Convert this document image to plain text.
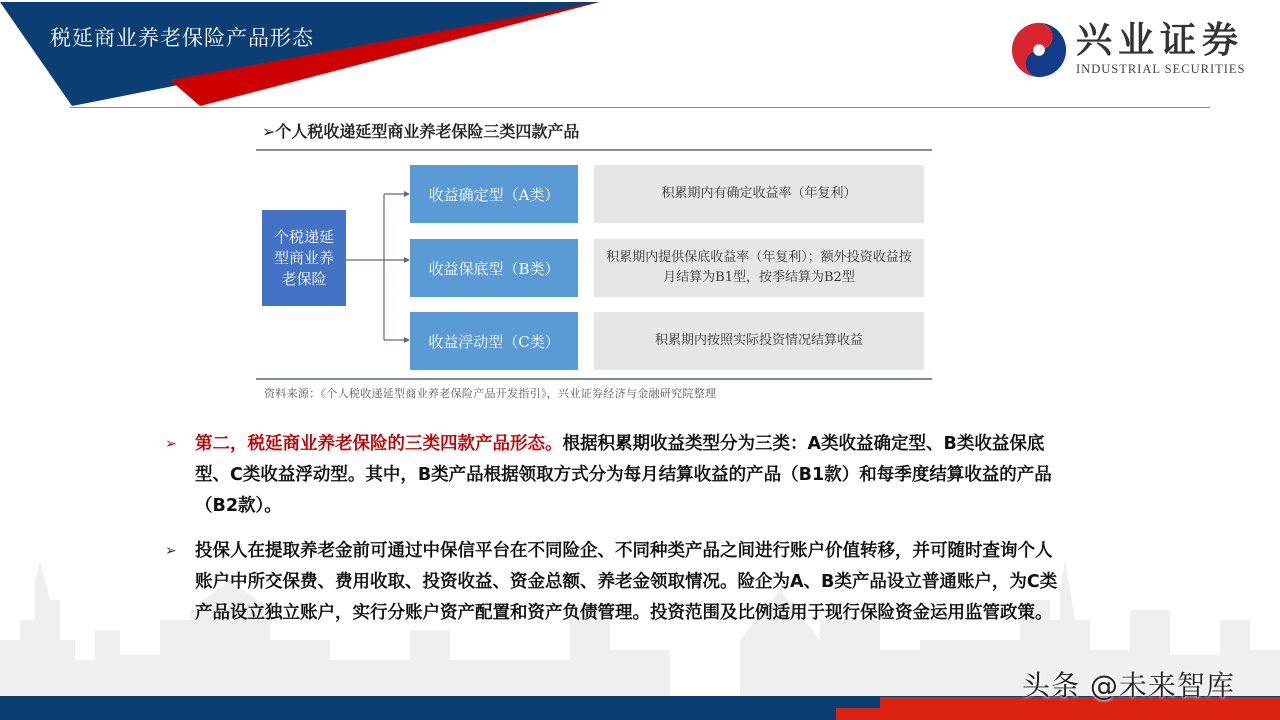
税延商业养老保险产品形态	兴业证券
INDUSTRIAL SECURITIES
➢个人税收递延型商业养老保险三类四款产品
个税递延型商业养老保险
收益确定型（A类）
收益保底型（B类）
收益浮动型（C类）
积累期内有确定收益率（年复利）
积累期内提供保底收益率（年复利）；额外投资收益按月结算为B1型，按季结算为B2型
积累期内按照实际投资情况结算收益
资料来源：《个人税收递延型商业养老保险产品开发指引》，兴业证券经济与金融研究院整理
➢	第二，税延商业养老保险的三类四款产品形态。根据积累期收益类型分为三类：A类收益确定型、B类收益保底型、C类收益浮动型。其中，B类产品根据领取方式分为每月结算收益的产品（B1款）和每季度结算收益的产品（B2款）。
➢	投保人在提取养老金前可通过中保信平台在不同险企、不同种类产品之间进行账户价值转移，并可随时查询个人账户中所交保费、费用收取、投资收益、资金总额、养老金领取情况。险企为A、B类产品设立普通账户，为C类产品设立独立账户，实行分账户资产配置和资产负债管理。投资范围及比例适用于现行保险资金运用监管政策。
头条 @未来智库
